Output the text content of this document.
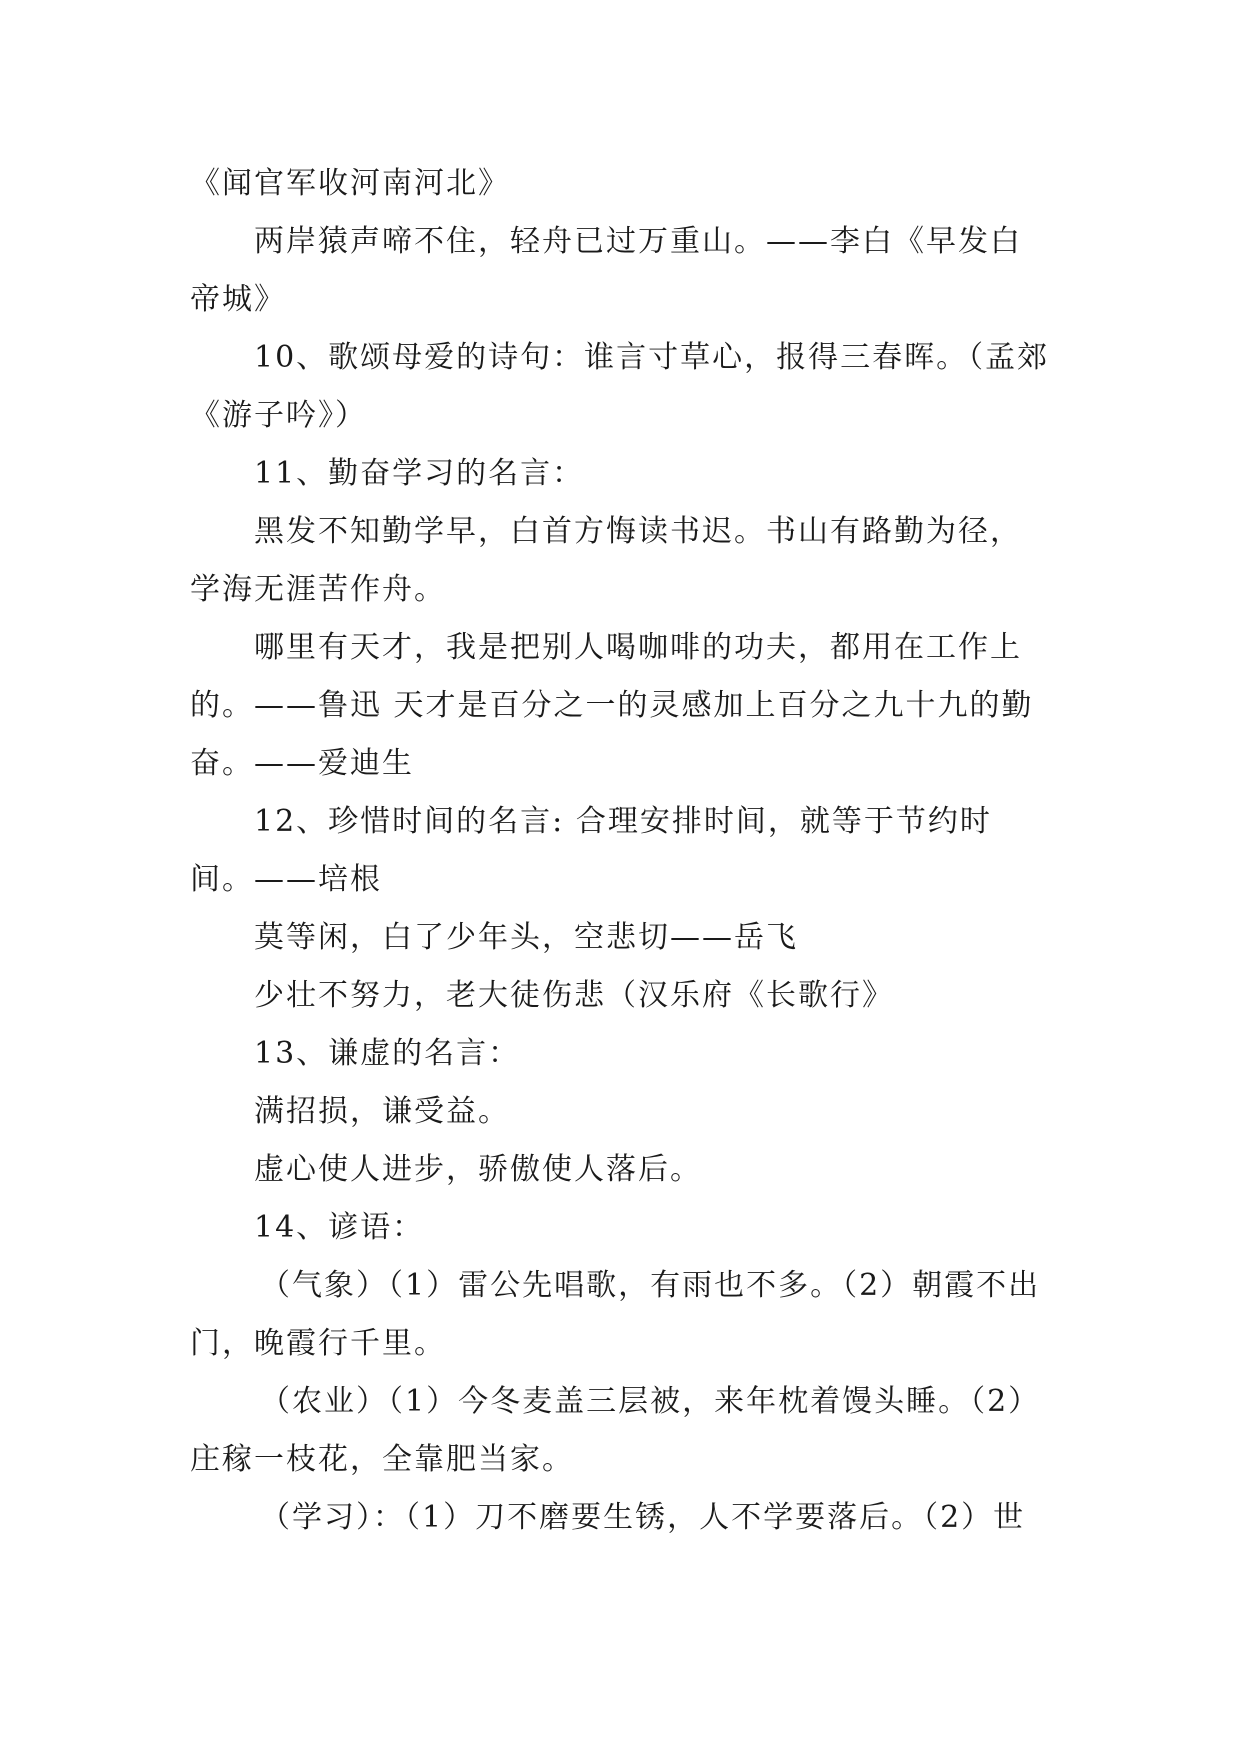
《闻官军收河南河北》

两岸猿声啼不住，轻舟已过万重山。——李白《早发白帝城》

10、歌颂母爱的诗句：谁言寸草心，报得三春晖。（孟郊《游子吟》）

11、勤奋学习的名言：

黑发不知勤学早，白首方悔读书迟。书山有路勤为径，学海无涯苦作舟。

哪里有天才，我是把别人喝咖啡的功夫，都用在工作上的。——鲁迅 天才是百分之一的灵感加上百分之九十九的勤奋。——爱迪生

12、珍惜时间的名言: 合理安排时间，就等于节约时间。——培根

莫等闲，白了少年头，空悲切——岳飞

少壮不努力，老大徒伤悲（汉乐府《长歌行》

13、谦虚的名言：

满招损，谦受益。

虚心使人进步，骄傲使人落后。

14、谚语：

（气象）（1）雷公先唱歌，有雨也不多。（2）朝霞不出门，晚霞行千里。

（农业）（1）今冬麦盖三层被，来年枕着馒头睡。（2）庄稼一枝花，全靠肥当家。

（学习）：（1）刀不磨要生锈，人不学要落后。（2）世
